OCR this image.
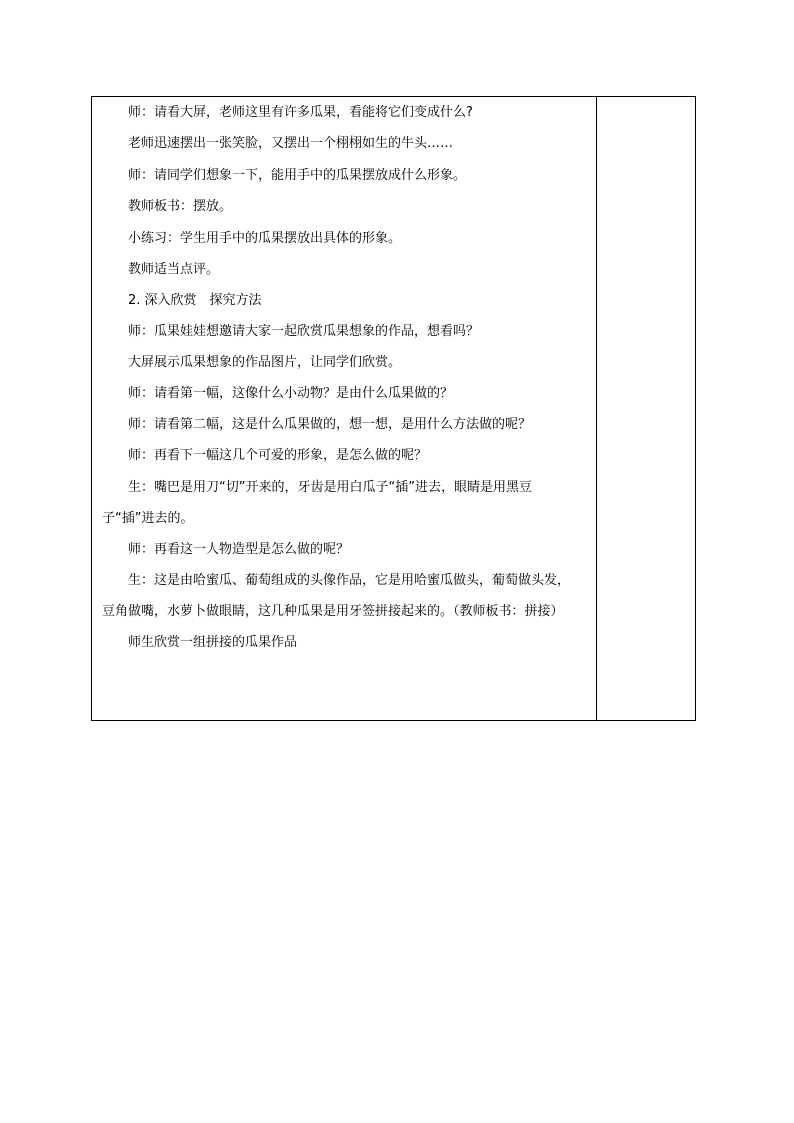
师：请看大屏，老师这里有许多瓜果，看能将它们变成什么?
老师迅速摆出一张笑脸，又摆出一个栩栩如生的牛头……
师：请同学们想象一下，能用手中的瓜果摆放成什么形象。
教师板书：摆放。
小练习：学生用手中的瓜果摆放出具体的形象。
教师适当点评。
2. 深入欣赏　探究方法
师：瓜果娃娃想邀请大家一起欣赏瓜果想象的作品，想看吗？
大屏展示瓜果想象的作品图片，让同学们欣赏。
师：请看第一幅，这像什么小动物？是由什么瓜果做的？
师：请看第二幅，这是什么瓜果做的，想一想，是用什么方法做的呢？
师：再看下一幅这几个可爱的形象，是怎么做的呢？
生：嘴巴是用刀“切”开来的，牙齿是用白瓜子“插”进去，眼睛是用黑豆
子“插”进去的。
师：再看这一人物造型是怎么做的呢？
生：这是由哈蜜瓜、葡萄组成的头像作品，它是用哈蜜瓜做头，葡萄做头发，
豆角做嘴，水萝卜做眼睛，这几种瓜果是用牙签拼接起来的。（教师板书：拼接）
师生欣赏一组拼接的瓜果作品
